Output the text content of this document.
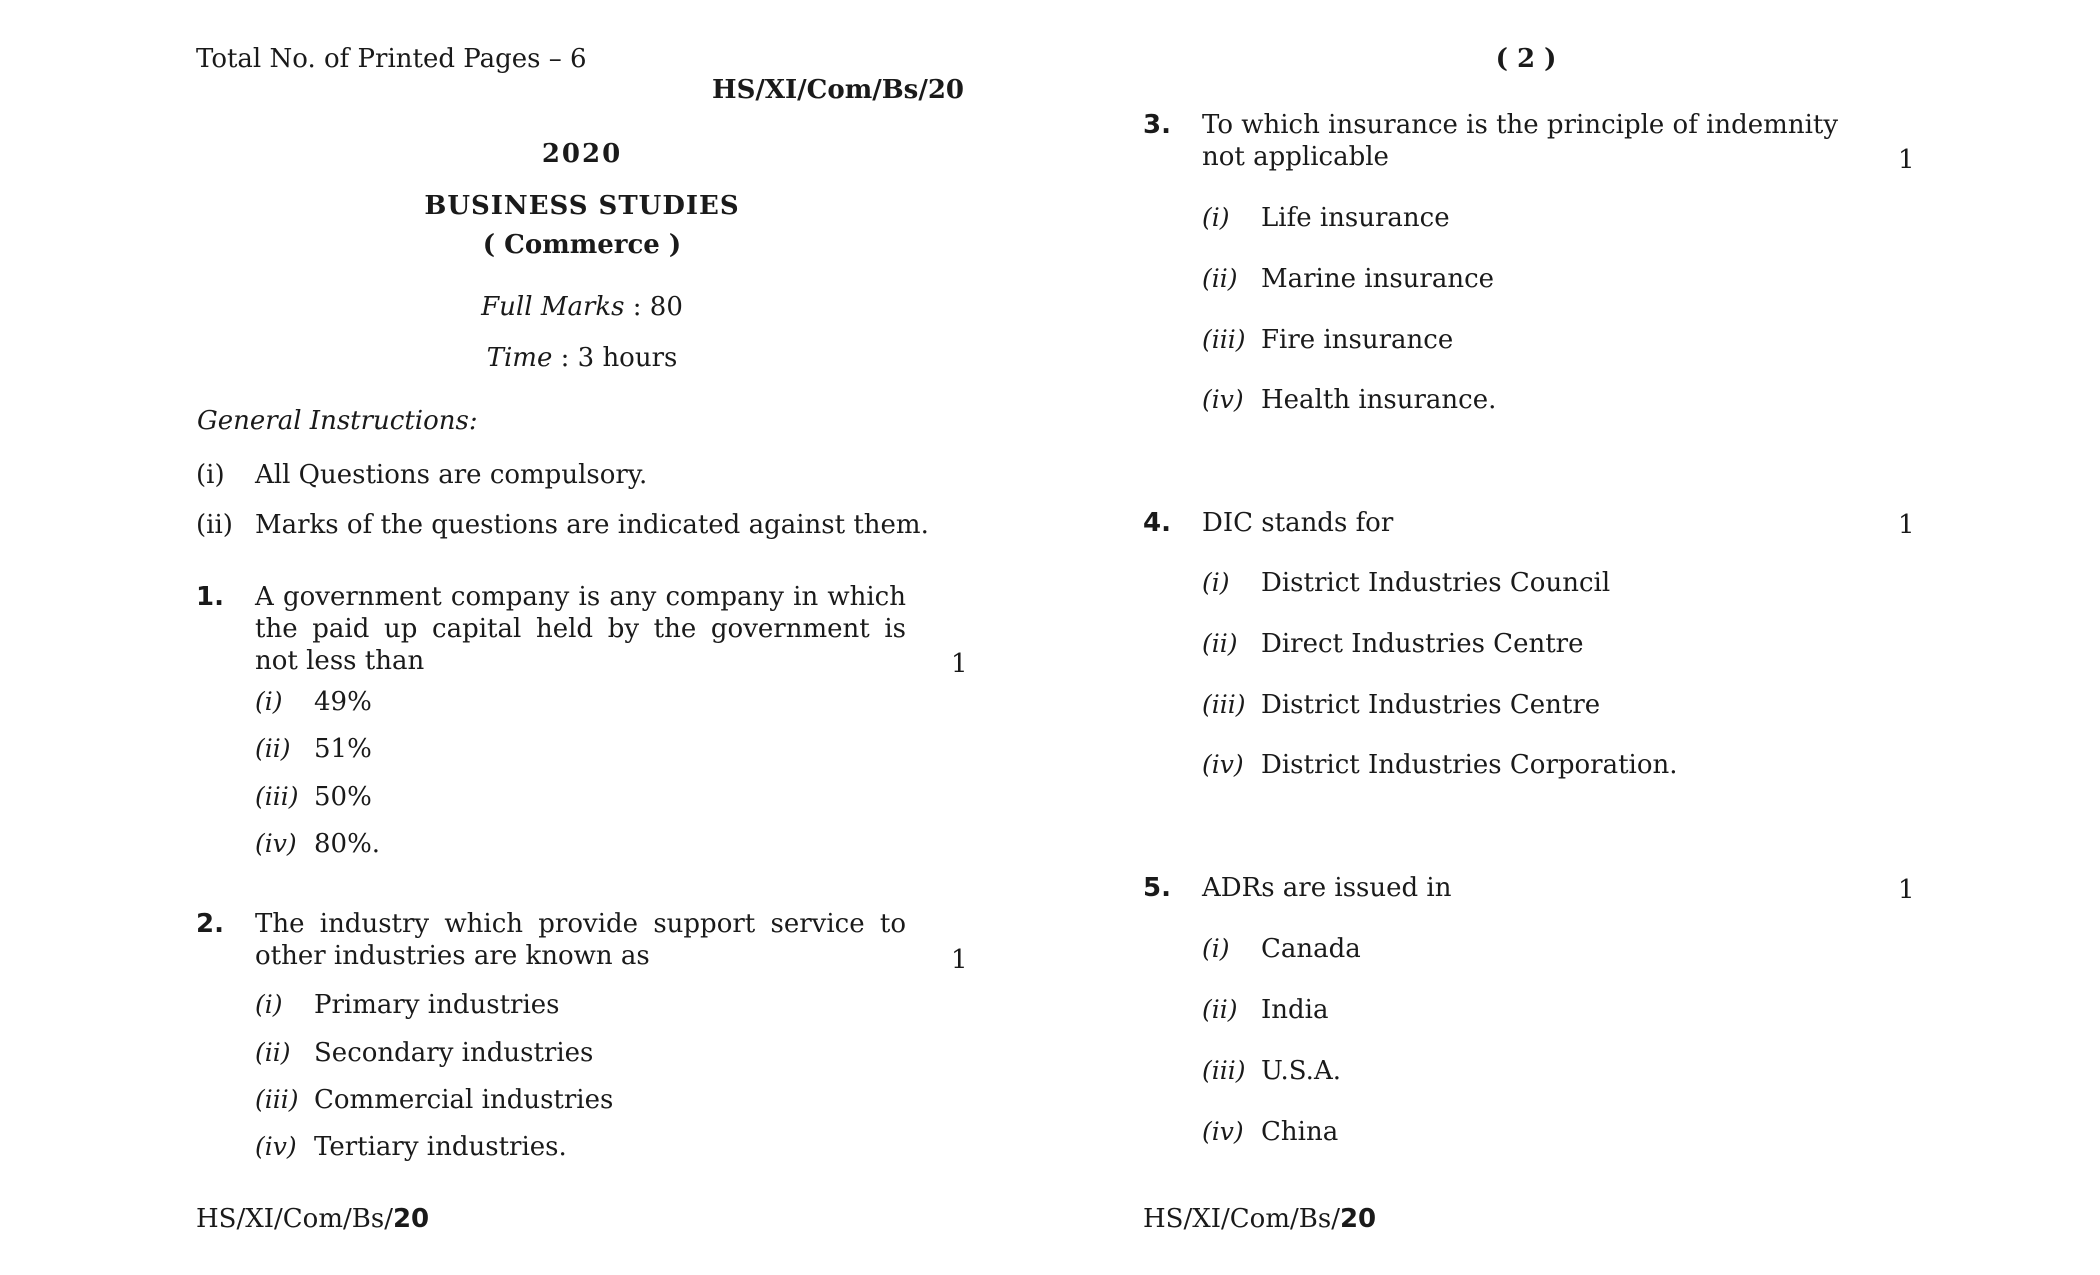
Total No. of Printed Pages – 6
HS/XI/Com/Bs/20
2020
BUSINESS STUDIES
( Commerce )
Full Marks : 80
Time : 3 hours
General Instructions:
(i) All Questions are compulsory.
(ii) Marks of the questions are indicated against them.
1. A government company is any company in which the paid up capital held by the government is not less than	1
(i) 49%
(ii) 51%
(iii) 50%
(iv) 80%.
2. The industry which provide support service to other industries are known as	1
(i) Primary industries
(ii) Secondary industries
(iii) Commercial industries
(iv) Tertiary industries.
HS/XI/Com/Bs/20
( 2 )
3. To which insurance is the principle of indemnity not applicable	1
(i) Life insurance
(ii) Marine insurance
(iii) Fire insurance
(iv) Health insurance.
4. DIC stands for	1
(i) District Industries Council
(ii) Direct Industries Centre
(iii) District Industries Centre
(iv) District Industries Corporation.
5. ADRs are issued in	1
(i) Canada
(ii) India
(iii) U.S.A.
(iv) China
HS/XI/Com/Bs/20
